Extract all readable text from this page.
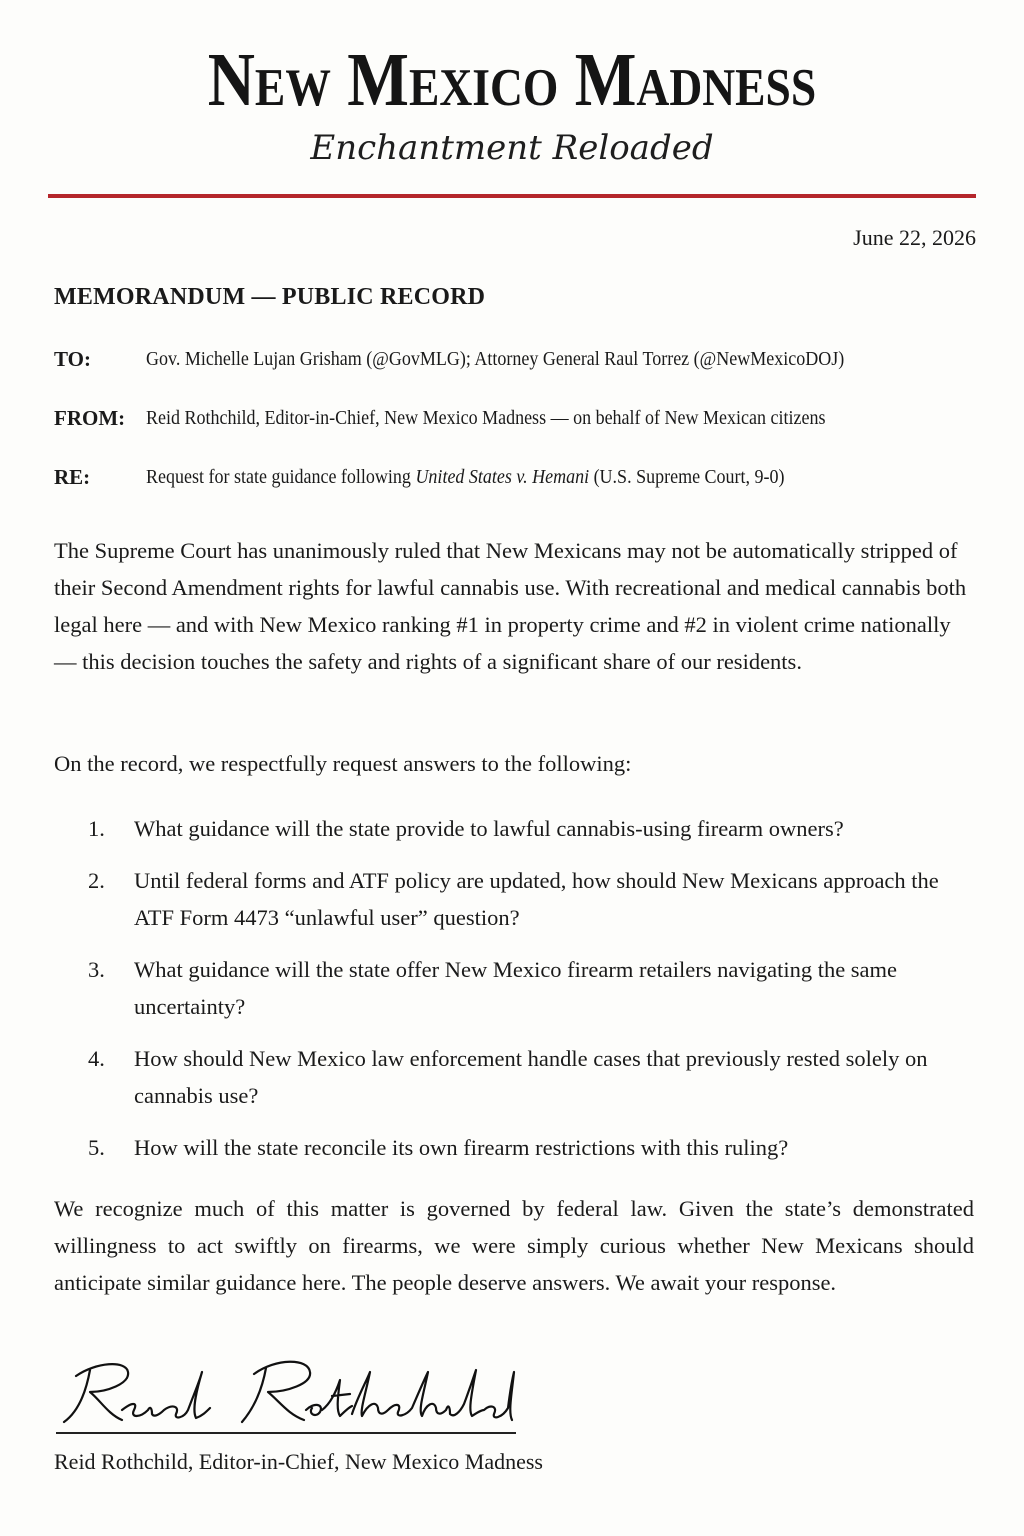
New Mexico Madness
Enchantment Reloaded
June 22, 2026
MEMORANDUM — PUBLIC RECORD
TO:	Gov. Michelle Lujan Grisham (@GovMLG); Attorney General Raul Torrez (@NewMexicoDOJ)
FROM: Reid Rothchild, Editor-in-Chief, New Mexico Madness — on behalf of New Mexican citizens
RE:	Request for state guidance following United States v. Hemani (U.S. Supreme Court, 9-0)
The Supreme Court has unanimously ruled that New Mexicans may not be automatically stripped of their Second Amendment rights for lawful cannabis use. With recreational and medical cannabis both legal here — and with New Mexico ranking #1 in property crime and #2 in violent crime nationally — this decision touches the safety and rights of a significant share of our residents.
On the record, we respectfully request answers to the following:
1. What guidance will the state provide to lawful cannabis-using firearm owners?
2. Until federal forms and ATF policy are updated, how should New Mexicans approach the ATF Form 4473 “unlawful user” question?
3. What guidance will the state offer New Mexico firearm retailers navigating the same uncertainty?
4. How should New Mexico law enforcement handle cases that previously rested solely on cannabis use?
5. How will the state reconcile its own firearm restrictions with this ruling?
We recognize much of this matter is governed by federal law. Given the state’s demonstrated willingness to act swiftly on firearms, we were simply curious whether New Mexicans should anticipate similar guidance here. The people deserve answers. We await your response.
Reid Rothchild, Editor-in-Chief, New Mexico Madness
